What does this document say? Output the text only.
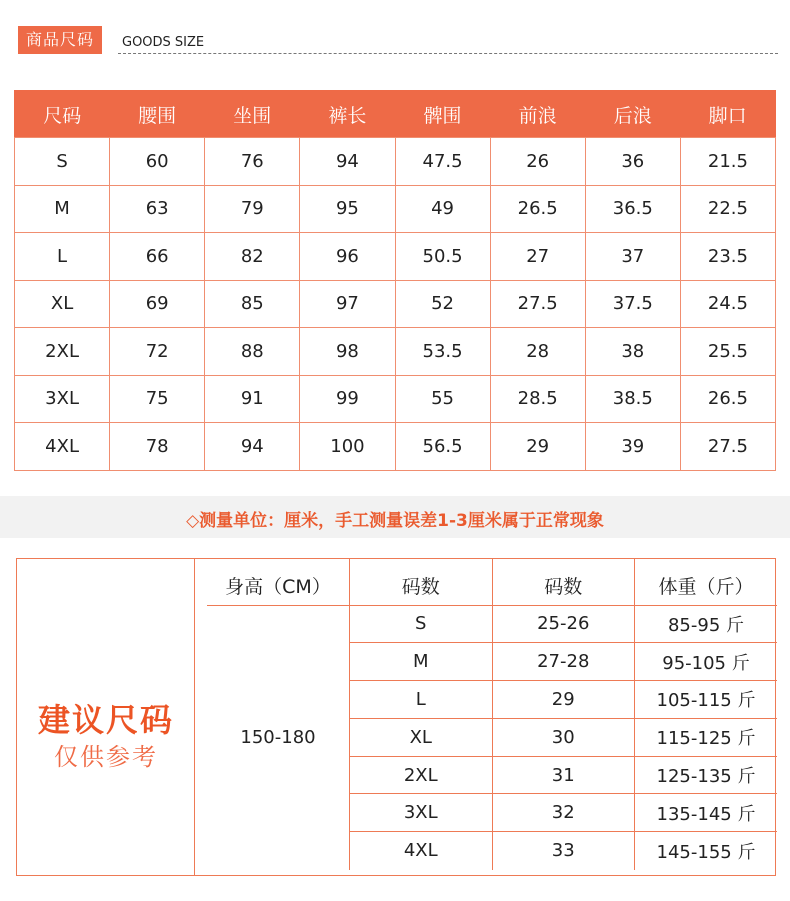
商品尺码	GOODS SIZE
尺码	腰围	坐围	裤长	髀围	前浪	后浪	脚口
S	60	76	94	47.5	26	36	21.5
M	63	79	95	49	26.5	36.5	22.5
L	66	82	96	50.5	27	37	23.5
XL	69	85	97	52	27.5	37.5	24.5
2XL	72	88	98	53.5	28	38	25.5
3XL	75	91	99	55	28.5	38.5	26.5
4XL	78	94	100	56.5	29	39	27.5
◇测量单位：厘米，手工测量误差1-3厘米属于正常现象
建议尺码
仅供参考
身高（CM）	码数	码数	体重（斤）
150-180	S	25-26	85-95 斤
	M	27-28	95-105 斤
	L	29	105-115 斤
	XL	30	115-125 斤
	2XL	31	125-135 斤
	3XL	32	135-145 斤
	4XL	33	145-155 斤
